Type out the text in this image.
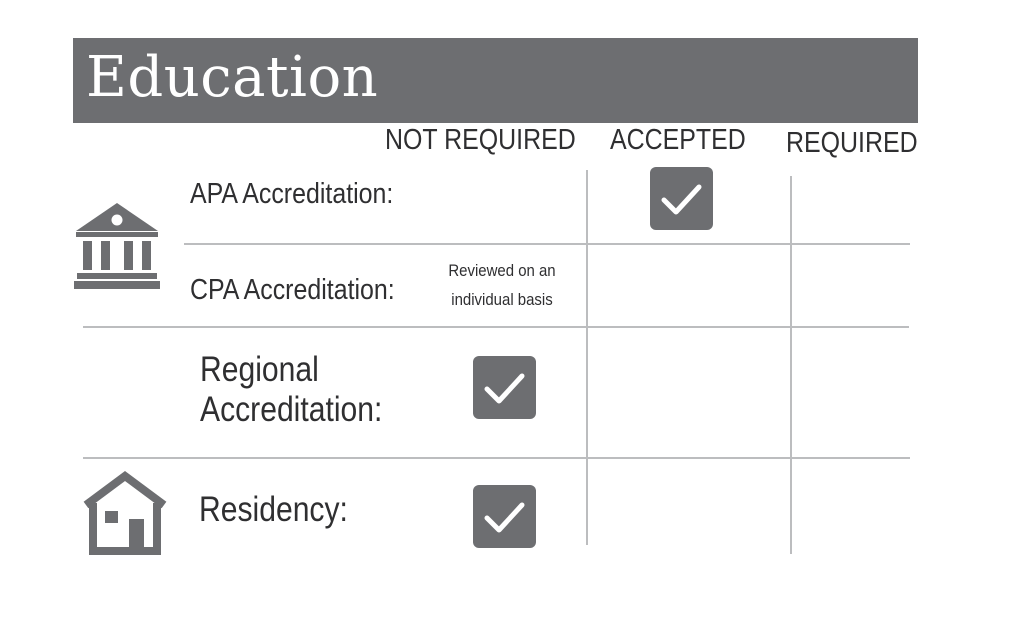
Education
NOT REQUIRED ACCEPTED REQUIRED
APA Accreditation:
CPA Accreditation:
Reviewed on an
individual basis
Regional
Accreditation:
Residency:
